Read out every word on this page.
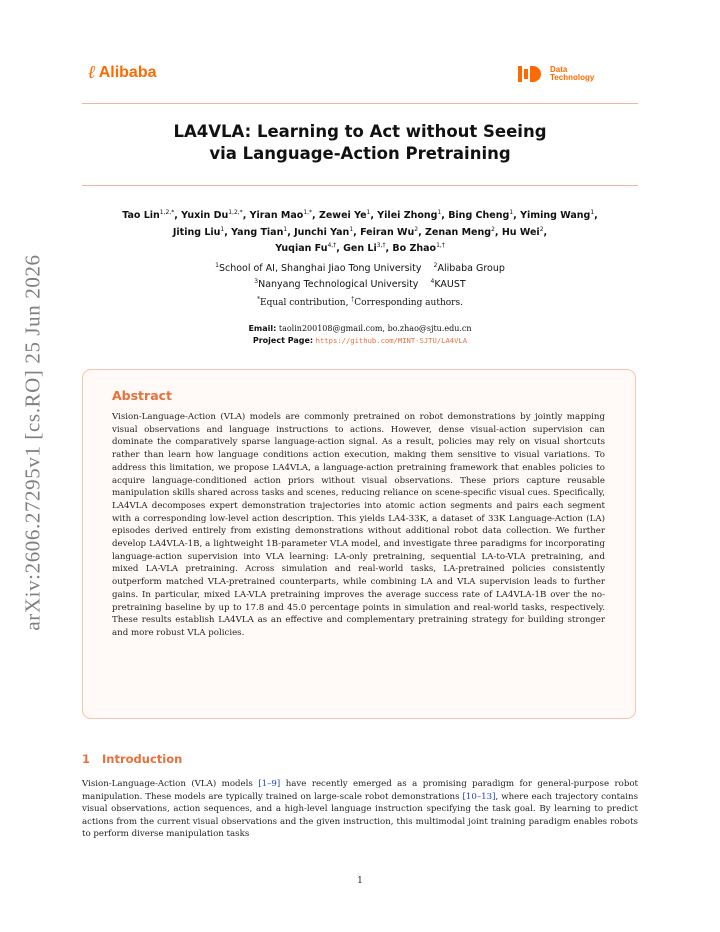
arXiv:2606.27295v1 [cs.RO] 25 Jun 2026
ℓ Alibaba	Data
Technology
LA4VLA: Learning to Act without Seeing
via Language-Action Pretraining
Tao Lin$^{1,2,*}$, Yuxin $Du^{1,2,*}$, Yiran Mao$^{1,*}$, Zewei Ye$^1$, Yilei Zhong$^1$, Bing Cheng$^1$, Yiming Wang$^1$,
Jiting Liu$^1$, Yang Tian$^1$, Junchi Yan$^1$, Feiran Wu$^2$, Zenan Meng$^2$, Hu Wei$^2$,
Yuqian $Fu^{4,\dagger}$, Gen $Li^{3,\dagger}$, Bo Zhao$^{1,\dagger}$
$^1$School of AI, Shanghai Jiao Tong University $^2$Alibaba Group
$^3$Nanyang Technological University $^4$KAUST
*Equal contribution, †Corresponding authors.
Email: taolin200108@gmail.com, bo.zhao@sjtu.edu.cn
Project Page: https://github.com/MINT-SJTU/LA4VLA
Abstract
Vision-Language-Action (VLA) models are commonly pretrained on robot demonstrations by jointly mapping visual observations and language instructions to actions. However, dense visual-action supervision can dominate the comparatively sparse language-action signal. As a result, policies may rely on visual shortcuts rather than learn how language conditions action execution, making them sensitive to visual variations. To address this limitation, we propose LA4VLA, a language-action pretraining framework that enables policies to acquire language-conditioned action priors without visual observations. These priors capture reusable manipulation skills shared across tasks and scenes, reducing reliance on scene-specific visual cues. Specifically, LA4VLA decomposes expert demonstration trajectories into atomic action segments and pairs each segment with a corresponding low-level action description. This yields LA4-33K, a dataset of 33K Language-Action (LA) episodes derived entirely from existing demonstrations without additional robot data collection. We further develop LA4VLA-1B, a lightweight 1B-parameter VLA model, and investigate three paradigms for incorporating language-action supervision into VLA learning: LA-only pretraining, sequential LA-to-VLA pretraining, and mixed LA-VLA pretraining. Across simulation and real-world tasks, LA-pretrained policies consistently outperform matched VLA-pretrained counterparts, while combining LA and VLA supervision leads to further gains. In particular, mixed LA-VLA pretraining improves the average success rate of LA4VLA-1B over the no-pretraining baseline by up to 17.8 and 45.0 percentage points in simulation and real-world tasks, respectively. These results establish LA4VLA as an effective and complementary pretraining strategy for building stronger and more robust VLA policies.
1   Introduction
Vision-Language-Action (VLA) models [1–9] have recently emerged as a promising paradigm for general-purpose robot manipulation. These models are typically trained on large-scale robot demonstrations [10–13], where each trajectory contains visual observations, action sequences, and a high-level language instruction specifying the task goal. By learning to predict actions from the current visual observations and the given instruction, this multimodal joint training paradigm enables robots to perform diverse manipulation tasks
1
